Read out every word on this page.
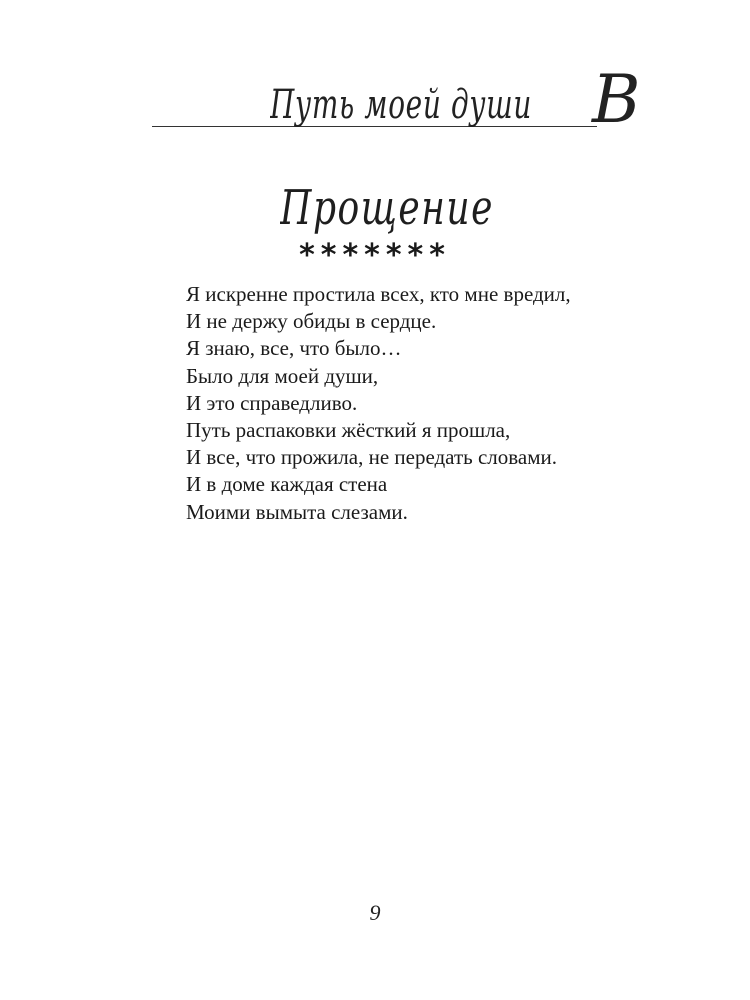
Путь моей души В
Прощение
*******
Я искренне простила всех, кто мне вредил,
И не держу обиды в сердце.
Я знаю, все, что было…
Было для моей души,
И это справедливо.
Путь распаковки жёсткий я прошла,
И все, что прожила, не передать словами.
И в доме каждая стена
Моими вымыта слезами.
9
